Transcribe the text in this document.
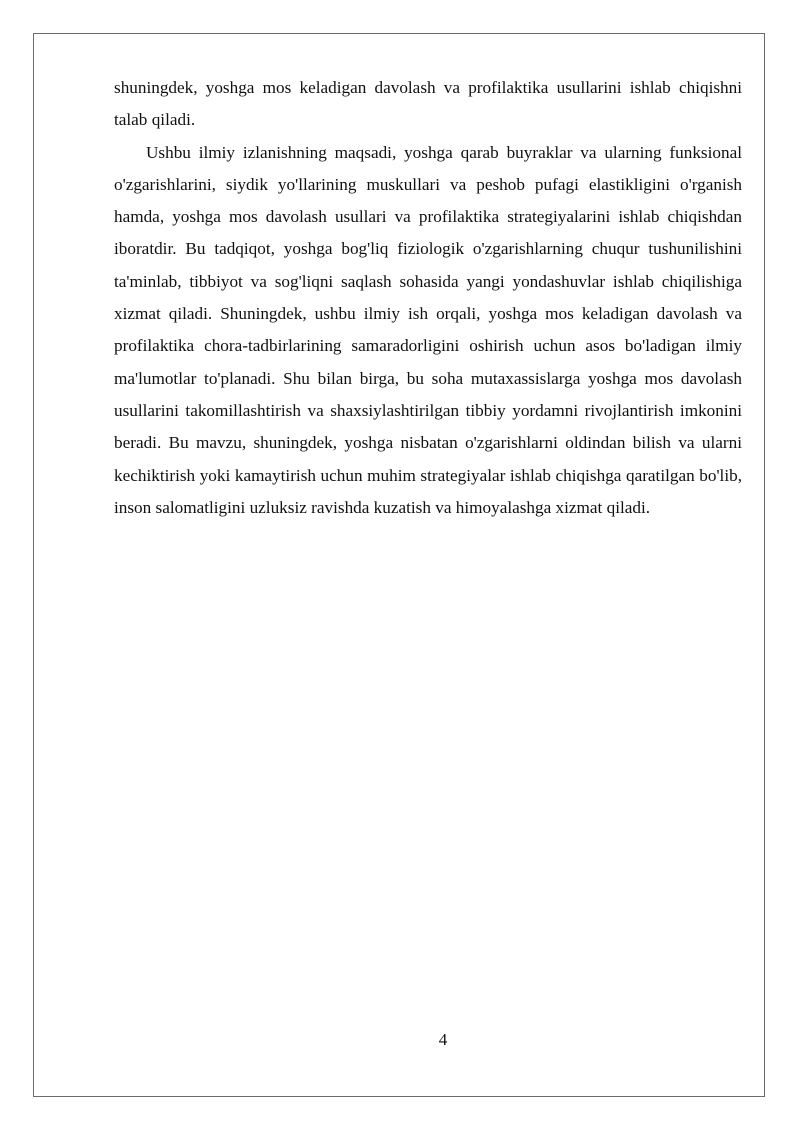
shuningdek, yoshga mos keladigan davolash va profilaktika usullarini ishlab chiqishni talab qiladi.

Ushbu ilmiy izlanishning maqsadi, yoshga qarab buyraklar va ularning funksional o'zgarishlarini, siydik yo'llarining muskullari va peshob pufagi elastikligini o'rganish hamda, yoshga mos davolash usullari va profilaktika strategiyalarini ishlab chiqishdan iboratdir. Bu tadqiqot, yoshga bog'liq fiziologik o'zgarishlarning chuqur tushunilishini ta'minlab, tibbiyot va sog'liqni saqlash sohasida yangi yondashuvlar ishlab chiqilishiga xizmat qiladi. Shuningdek, ushbu ilmiy ish orqali, yoshga mos keladigan davolash va profilaktika chora-tadbirlarining samaradorligini oshirish uchun asos bo'ladigan ilmiy ma'lumotlar to'planadi. Shu bilan birga, bu soha mutaxassislarga yoshga mos davolash usullarini takomillashtirish va shaxsiylashtirilgan tibbiy yordamni rivojlantirish imkonini beradi. Bu mavzu, shuningdek, yoshga nisbatan o'zgarishlarni oldindan bilish va ularni kechiktirish yoki kamaytirish uchun muhim strategiyalar ishlab chiqishga qaratilgan bo'lib, inson salomatligini uzluksiz ravishda kuzatish va himoyalashga xizmat qiladi.

4
